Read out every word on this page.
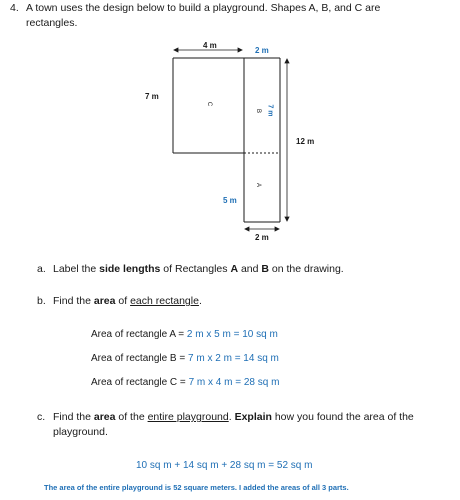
4. A town uses the design below to build a playground. Shapes A, B, and C are
rectangles.
4 m
2 m
7 m
12 m
5 m
2 m
C
B 7 m
A
a. Label the side lengths of Rectangles A and B on the drawing.
b. Find the area of each rectangle.
Area of rectangle A = 2 m x 5 m = 10 sq m
Area of rectangle B = 7 m x 2 m = 14 sq m
Area of rectangle C = 7 m x 4 m = 28 sq m
c. Find the area of the entire playground. Explain how you found the area of the
playground.
10 sq m + 14 sq m + 28 sq m = 52 sq m
The area of the entire playground is 52 square meters. I added the areas of all 3 parts.
